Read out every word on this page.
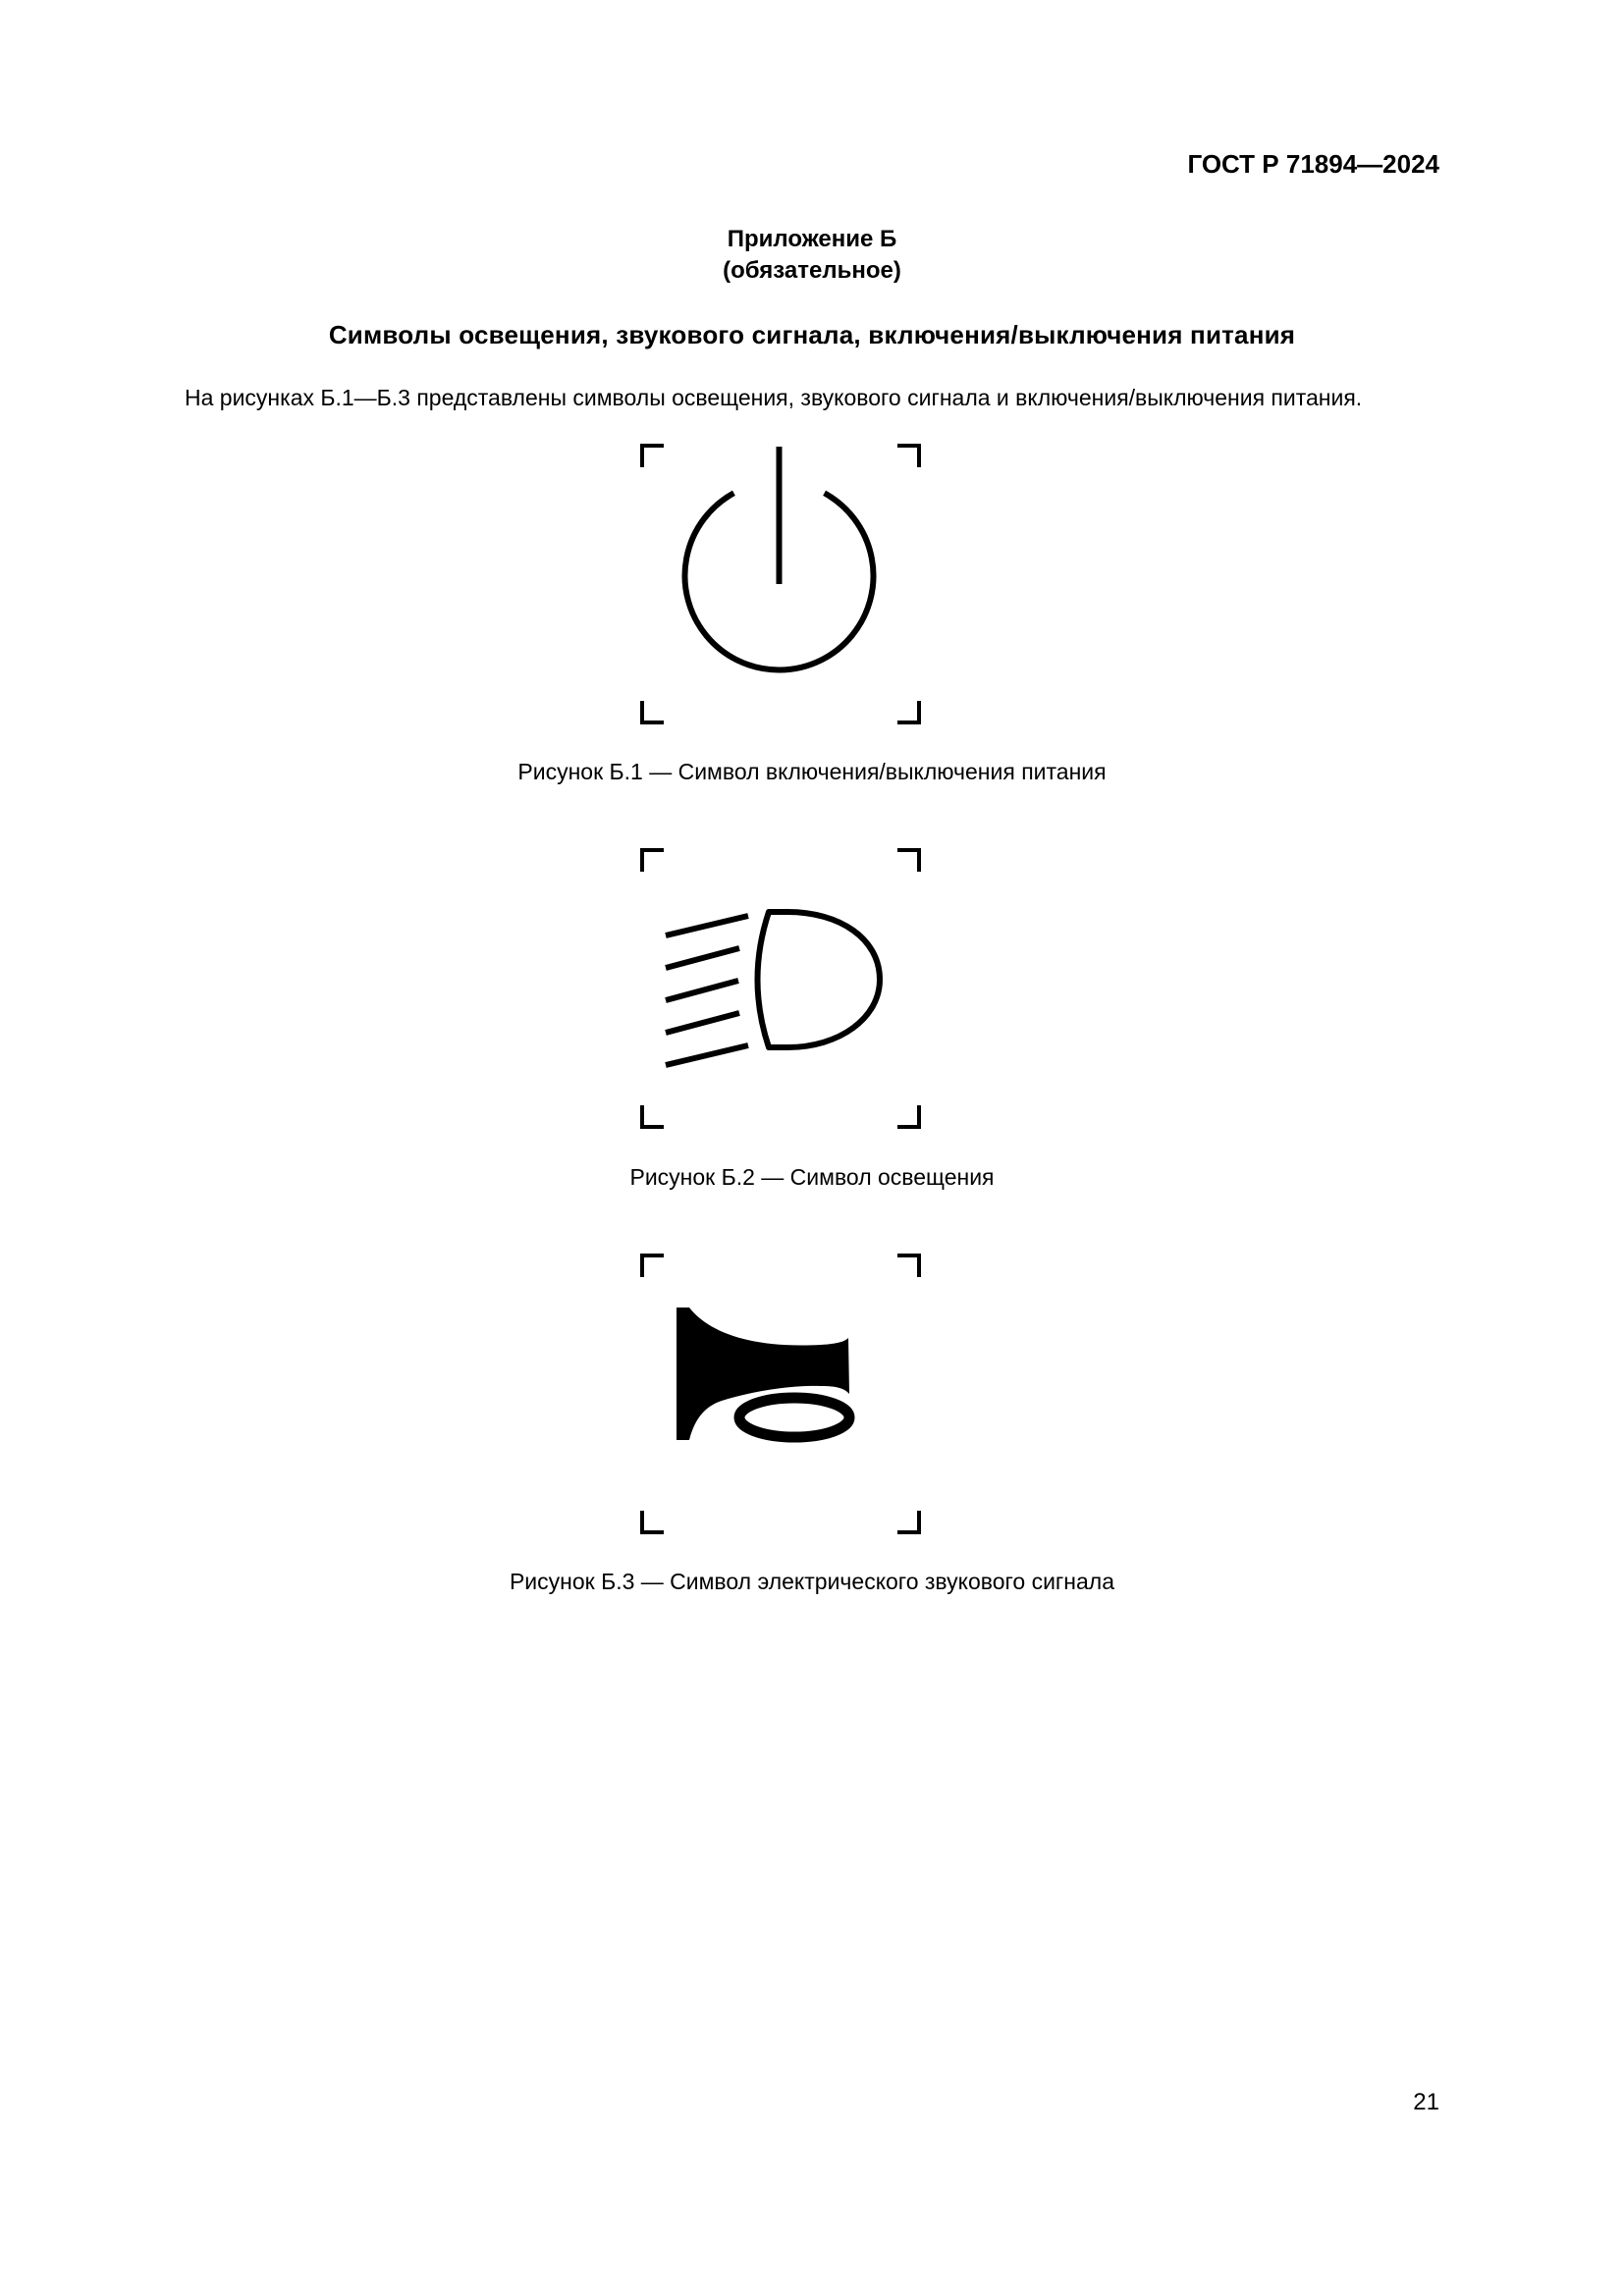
ГОСТ Р 71894—2024
Приложение Б
(обязательное)
Символы освещения, звукового сигнала, включения/выключения питания
На рисунках Б.1—Б.3 представлены символы освещения, звукового сигнала и включения/выключения питания.
Рисунок Б.1 — Символ включения/выключения питания
Рисунок Б.2 — Символ освещения
Рисунок Б.3 — Символ электрического звукового сигнала
21
